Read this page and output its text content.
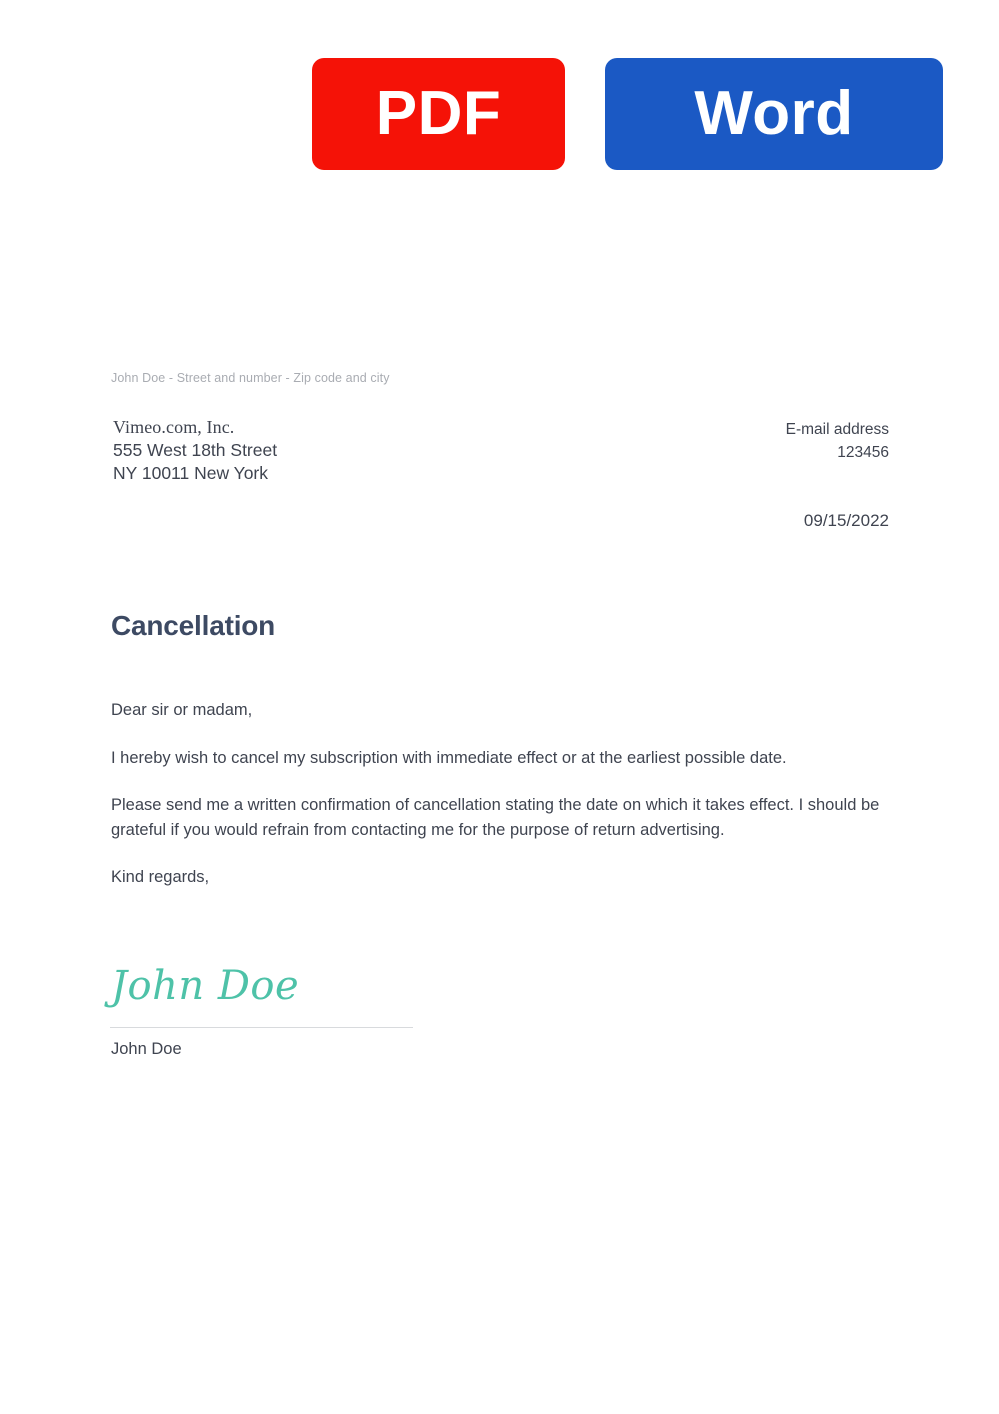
PDF	Word
John Doe - Street and number - Zip code and city
Vimeo.com, Inc.
555 West 18th Street
NY 10011 New York
E-mail address
123456
09/15/2022
Cancellation

Dear sir or madam,

I hereby wish to cancel my subscription with immediate effect or at the earliest possible date.

Please send me a written confirmation of cancellation stating the date on which it takes effect. I should be grateful if you would refrain from contacting me for the purpose of return advertising.

Kind regards,

John Doe
John Doe
